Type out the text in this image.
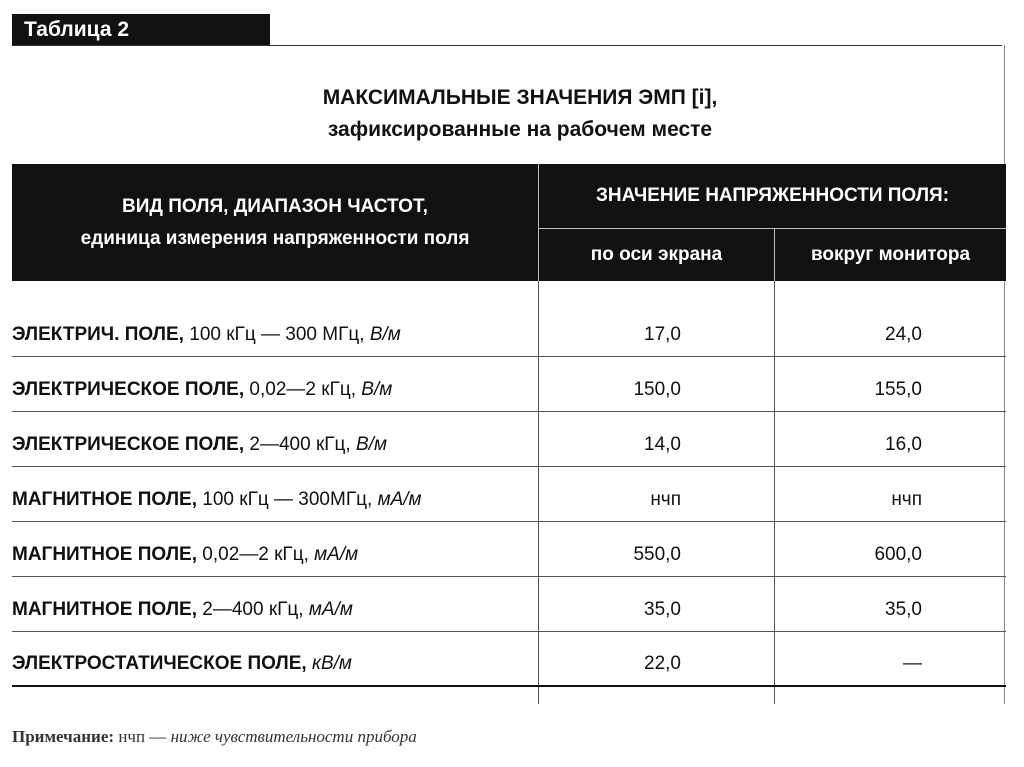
Таблица 2
МАКСИМАЛЬНЫЕ ЗНАЧЕНИЯ ЭМП [i],
зафиксированные на рабочем месте
ВИД ПОЛЯ, ДИАПАЗОН ЧАСТОТ,
единица измерения напряженности поля
ЗНАЧЕНИЕ НАПРЯЖЕННОСТИ ПОЛЯ:
по оси экрана	вокруг монитора
ЭЛЕКТРИЧ. ПОЛЕ, 100 кГц — 300 МГц, В/м	17,0	24,0
ЭЛЕКТРИЧЕСКОЕ ПОЛЕ, 0,02—2 кГц, В/м	150,0	155,0
ЭЛЕКТРИЧЕСКОЕ ПОЛЕ, 2—400 кГц, В/м	14,0	16,0
МАГНИТНОЕ ПОЛЕ, 100 кГц — 300МГц, мА/м	нчп	нчп
МАГНИТНОЕ ПОЛЕ, 0,02—2 кГц, мА/м	550,0	600,0
МАГНИТНОЕ ПОЛЕ, 2—400 кГц, мА/м	35,0	35,0
ЭЛЕКТРОСТАТИЧЕСКОЕ ПОЛЕ, кВ/м	22,0	—
Примечание: нчп — ниже чувствительности прибора
